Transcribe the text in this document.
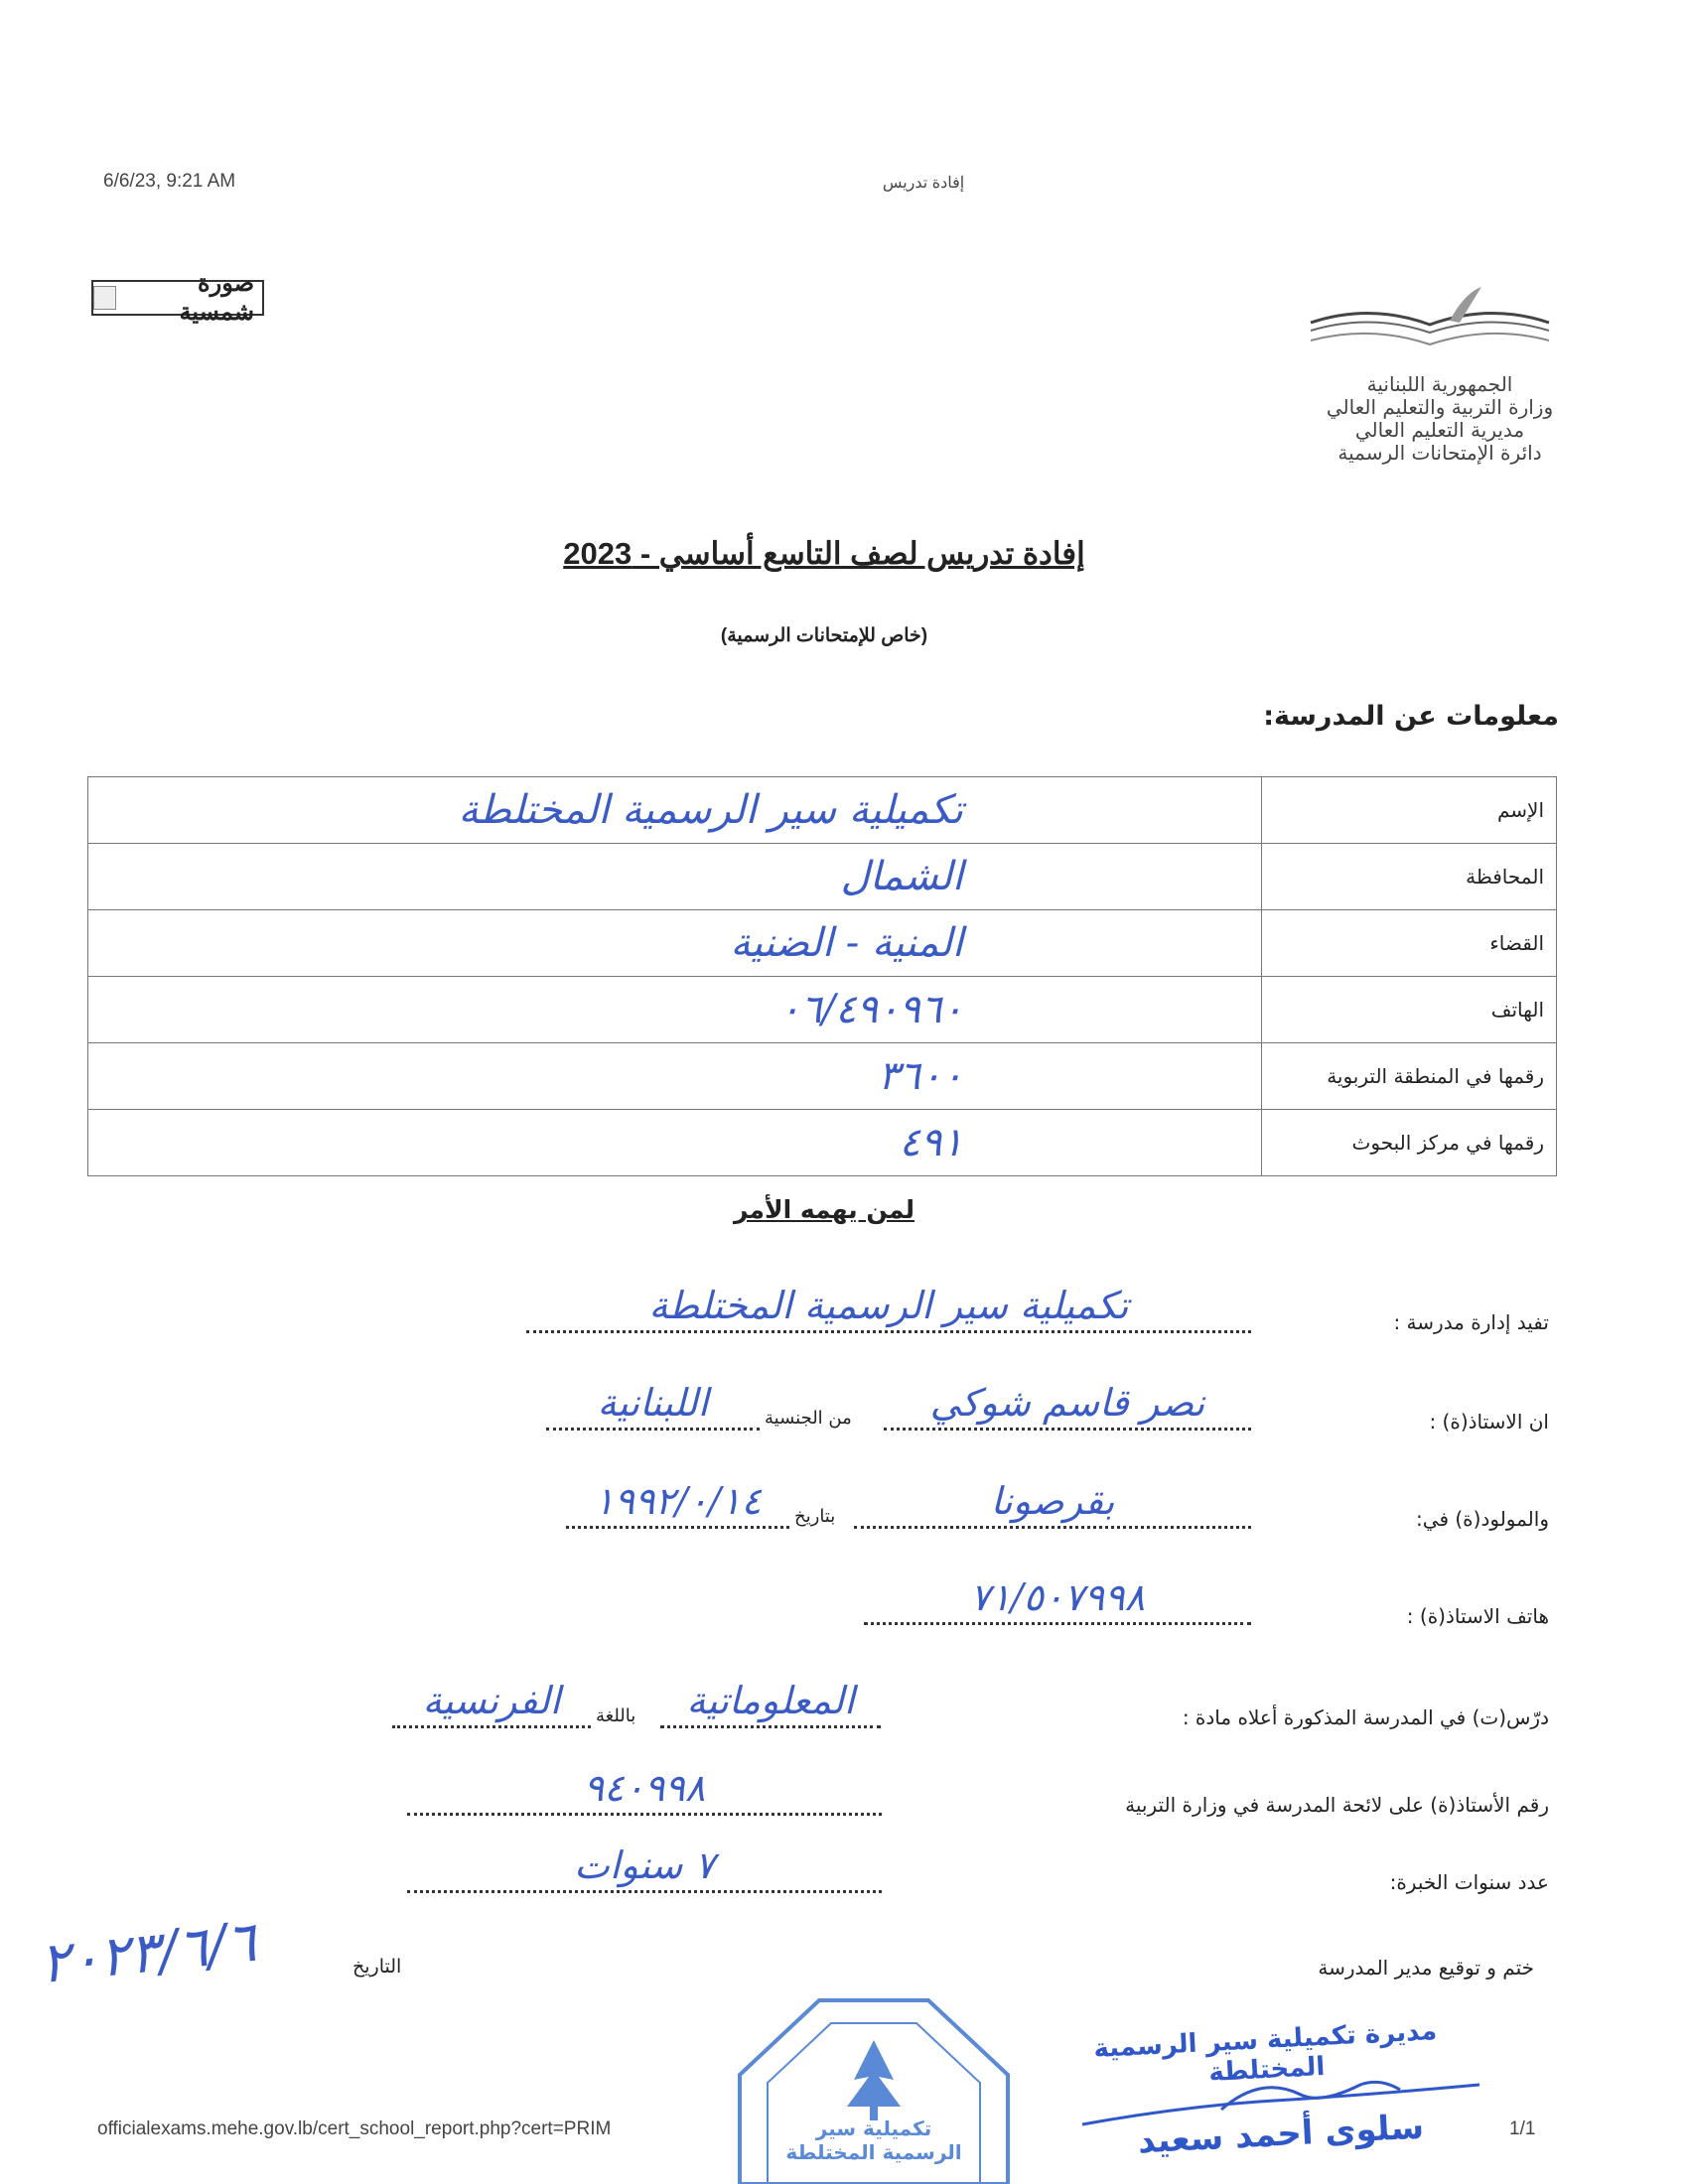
6/6/23, 9:21 AM	إفادة تدريس
صورة شمسية
الجمهورية اللبنانية
وزارة التربية والتعليم العالي
مديرية التعليم العالي
دائرة الإمتحانات الرسمية
إفادة تدريس لصف التاسع أساسي - 2023
(خاص للإمتحانات الرسمية)
معلومات عن المدرسة:
الإسم	تكميلية سير الرسمية المختلطة
المحافظة	الشمال
القضاء	المنية - الضنية
الهاتف	٠٦/٤٩٠٩٦٠
رقمها في المنطقة التربوية	٣٦٠٠
رقمها في مركز البحوث	٤٩١
لمن يهمه الأمر
تفيد إدارة مدرسة :
تكميلية سير الرسمية المختلطة
ان الاستاذ(ة) :
نصر قاسم شوكي
من الجنسية
اللبنانية
والمولود(ة) في:
بقرصونا
بتاريخ
١٩٩٢/٠/١٤
هاتف الاستاذ(ة) :
٧١/٥٠٧٩٩٨
درّس(ت) في المدرسة المذكورة أعلاه مادة :
المعلوماتية
باللغة
الفرنسية
رقم الأستاذ(ة) على لائحة المدرسة في وزارة التربية
٩٤٠٩٩٨
عدد سنوات الخبرة:
٧ سنوات
ختم و توقيع مدير المدرسة
التاريخ
٢٠٢٣/٦/٦
تكميلية سير الرسمية المختلطة
مديرة تكميلية سير الرسمية المختلطة
سلوى أحمد سعيد
officialexams.mehe.gov.lb/cert_school_report.php?cert=PRIM	1/1
